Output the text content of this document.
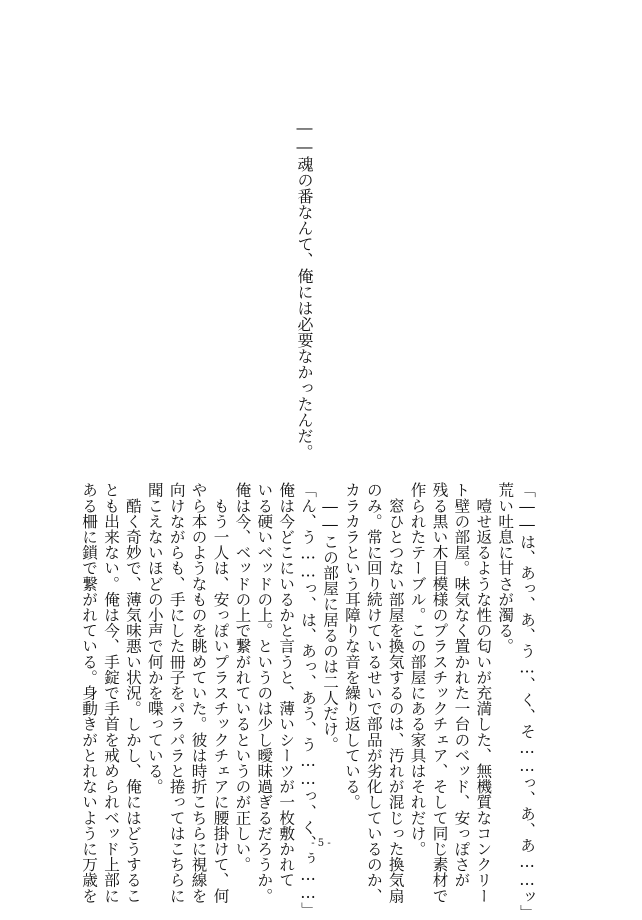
――魂の番なんて、俺には必要なかったんだ。
「――は、あっ、あ、う…、く、そ……っ、あ、あ……ッ」
荒い吐息に甘さが濁る。
　噎せ返るような性の匂いが充満した、無機質なコンクリー
ト壁の部屋。味気なく置かれた一台のベッド、安っぽさが
残る黒い木目模様のプラスチックチェア、そして同じ素材で
作られたテーブル。この部屋にある家具はそれだけ。
　窓ひとつない部屋を換気するのは、汚れが混じった換気扇
のみ。常に回り続けているせいで部品が劣化しているのか、
カラカラという耳障りな音を繰り返している。
　――この部屋に居るのは二人だけ。
「ん、う……っ、は、あっ、あう、う……っ、く、ぅ……」
俺は今どこにいるかと言うと、薄いシーツが一枚敷かれて
いる硬いベッドの上。というのは少し曖昧過ぎるだろうか。
俺は今、ベッドの上で繋がれているというのが正しい。
　もう一人は、安っぽいプラスチックチェアに腰掛けて、何
やら本のようなものを眺めていた。彼は時折こちらに視線を
向けながらも、手にした冊子をパラパラと捲ってはこちらに
聞こえないほどの小声で何かを喋っている。
　酷く奇妙で、薄気味悪い状況。しかし、俺にはどうするこ
とも出来ない。俺は今、手錠で手首を戒められベッド上部に
ある柵に鎖で繋がれている。身動きがとれないように万歳を	- 5 -
